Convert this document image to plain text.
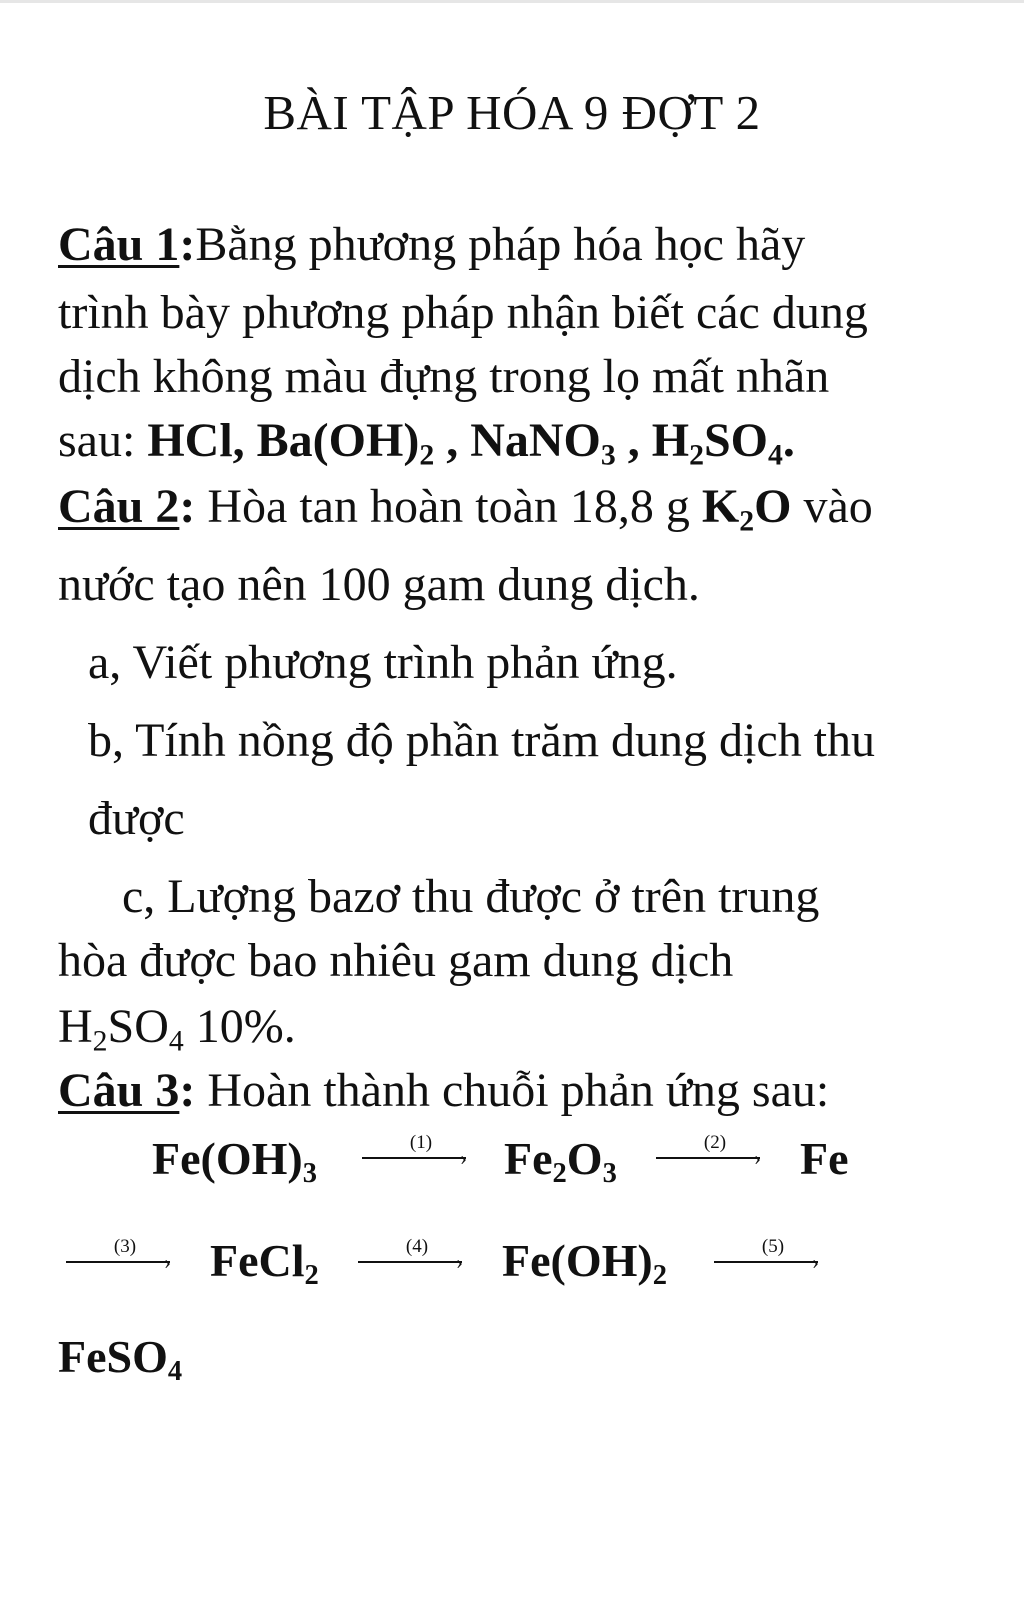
BÀI TẬP HÓA 9 ĐỢT 2
Câu 1:Bằng phương pháp hóa học hãy
trình bày phương pháp nhận biết các dung
dịch không màu đựng trong lọ mất nhãn
sau: HCl, $Ba(OH)_2$ , NaNO$_3$ , $H_2SO_4$.
Câu 2: Hòa tan hoàn toàn 18,8 g $K_2O$ vào
nước tạo nên 100 gam dung dịch.
a, Viết phương trình phản ứng.
b, Tính nồng độ phần trăm dung dịch thu
được
c, Lượng bazơ thu được ở trên trung
hòa được bao nhiêu gam dung dịch
$H_2SO_4$ 10%.
Câu 3: Hoàn thành chuỗi phản ứng sau:
$Fe(OH)_3$
(1)
› $Fe_2O_3$
(2)
› Fe
(3)
› FeCl$_2$
(4)
› $Fe(OH)_2$
(5)
›
FeSO$_4$
